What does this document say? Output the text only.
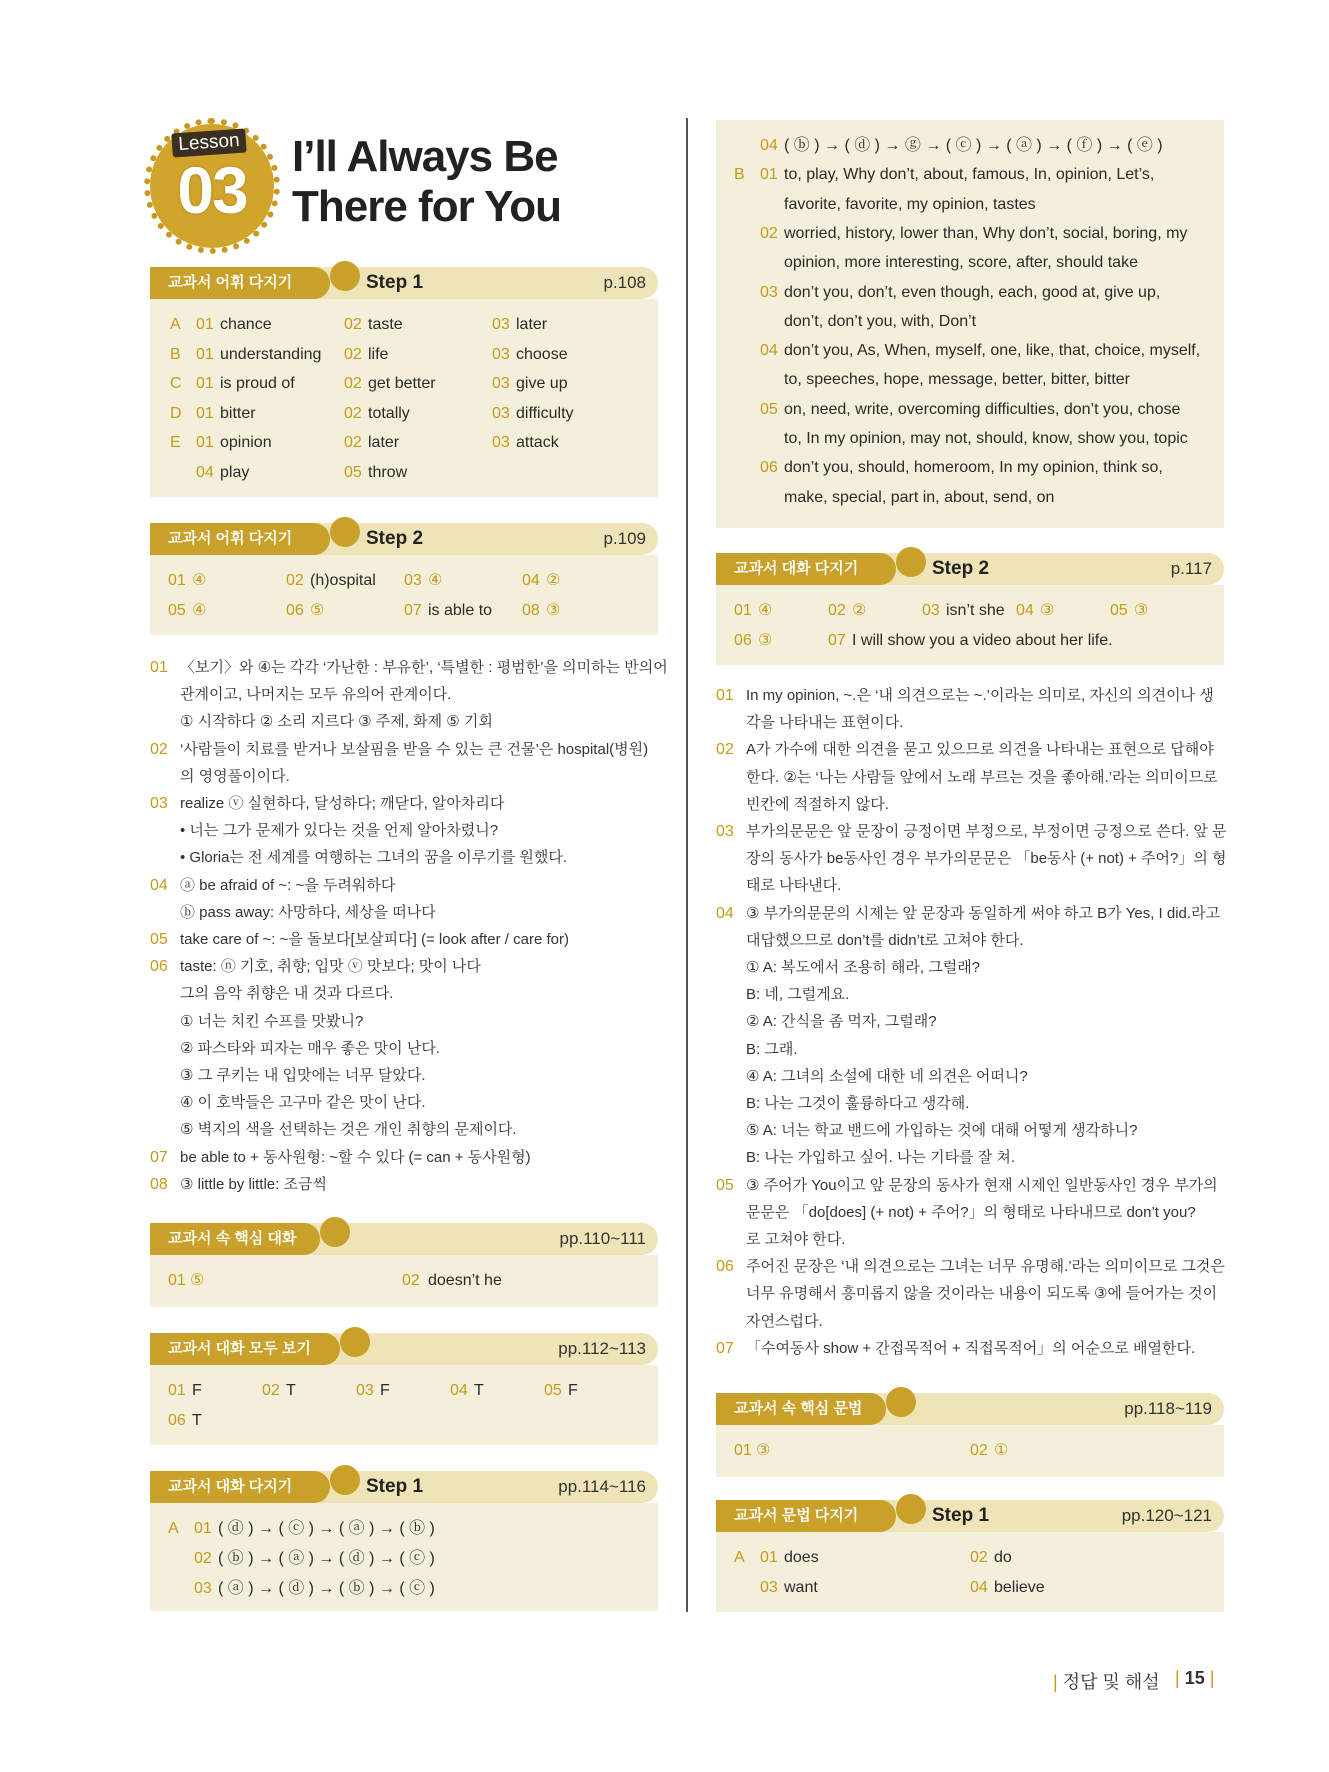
Lesson
03	I’ll Always Be
There for You
교과서 어휘 다지기	Step 1	p.108
A 01 chance	02 taste	03 later
B 01 understanding 02 life	03 choose
C 01 is proud of	02 get better	03 give up
D 01 bitter	02 totally	03 difficulty
E 01 opinion	02 later	03 attack
04 play	05 throw
교과서 어휘 다지기	Step 2	p.109
01 ④	02 (h)ospital 03 ④	04 ②
05 ④	06 ⑤	07 is able to 08 ③
01 〈보기〉와 ④는 각각 ‘가난한 : 부유한’, ‘특별한 : 평범한’을 의미하는 반의어
관계이고, 나머지는 모두 유의어 관계이다.
① 시작하다 ② 소리 지르다 ③ 주제, 화제 ⑤ 기회
02 ‘사람들이 치료를 받거나 보살핌을 받을 수 있는 큰 건물’은 hospital(병원)
의 영영풀이이다.
03 realize ⓥ 실현하다, 달성하다; 깨닫다, 알아차리다
• 너는 그가 문제가 있다는 것을 언제 알아차렸니?
• Gloria는 전 세계를 여행하는 그녀의 꿈을 이루기를 원했다.
04 ⓐ be afraid of ~: ~을 두려워하다
ⓑ pass away: 사망하다, 세상을 떠나다
05 take care of ~: ~을 돌보다[보살피다] (= look after / care for)
06 taste: ⓝ 기호, 취향; 입맛 ⓥ 맛보다; 맛이 나다
그의 음악 취향은 내 것과 다르다.
① 너는 치킨 수프를 맛봤니?
② 파스타와 피자는 매우 좋은 맛이 난다.
③ 그 쿠키는 내 입맛에는 너무 달았다.
④ 이 호박들은 고구마 같은 맛이 난다.
⑤ 벽지의 색을 선택하는 것은 개인 취향의 문제이다.
07 be able to + 동사원형: ~할 수 있다 (= can + 동사원형)
08 ③ little by little: 조금씩
교과서 속 핵심 대화	pp.110~111
01 ⑤	02 doesn’t he
교과서 대화 모두 보기	pp.112~113
01 F	02 T	03 F	04 T	05 F
06 T
교과서 대화 다지기	Step 1	pp.114~116
A 01 ( ⓓ ) → ( ⓒ ) → ( ⓐ ) → ( ⓑ )
02 ( ⓑ ) → ( ⓐ ) → ( ⓓ ) → ( ⓒ )
03 ( ⓐ ) → ( ⓓ ) → ( ⓑ ) → ( ⓒ )
04 ( ⓑ ) → ( ⓓ ) → ⓖ → ( ⓒ ) → ( ⓐ ) → ( ⓕ ) → ( ⓔ )
B 01 to, play, Why don’t, about, famous, In, opinion, Let’s,
favorite, favorite, my opinion, tastes
02 worried, history, lower than, Why don’t, social, boring, my
opinion, more interesting, score, after, should take
03 don’t you, don’t, even though, each, good at, give up,
don’t, don’t you, with, Don’t
04 don’t you, As, When, myself, one, like, that, choice, myself,
to, speeches, hope, message, better, bitter, bitter
05 on, need, write, overcoming difficulties, don’t you, chose
to, In my opinion, may not, should, know, show you, topic
06 don’t you, should, homeroom, In my opinion, think so,
make, special, part in, about, send, on
교과서 대화 다지기	Step 2	p.117
01 ④	02 ②	03 isn’t she 04 ③	05 ③
06 ③	07 I will show you a video about her life.
01 In my opinion, ~.은 ‘내 의견으로는 ~.’이라는 의미로, 자신의 의견이나 생
각을 나타내는 표현이다.
02 A가 가수에 대한 의견을 묻고 있으므로 의견을 나타내는 표현으로 답해야
한다. ②는 ‘나는 사람들 앞에서 노래 부르는 것을 좋아해.’라는 의미이므로
빈칸에 적절하지 않다.
03 부가의문문은 앞 문장이 긍정이면 부정으로, 부정이면 긍정으로 쓴다. 앞 문
장의 동사가 be동사인 경우 부가의문문은 「be동사 (+ not) + 주어?」의 형
태로 나타낸다.
04 ③ 부가의문문의 시제는 앞 문장과 동일하게 써야 하고 B가 Yes, I did.라고
대답했으므로 don’t를 didn’t로 고쳐야 한다.
① A: 복도에서 조용히 해라, 그럴래?
B: 네, 그럴게요.
② A: 간식을 좀 먹자, 그럴래?
B: 그래.
④ A: 그녀의 소설에 대한 네 의견은 어떠니?
B: 나는 그것이 훌륭하다고 생각해.
⑤ A: 너는 학교 밴드에 가입하는 것에 대해 어떻게 생각하니?
B: 나는 가입하고 싶어. 나는 기타를 잘 쳐.
05 ③ 주어가 You이고 앞 문장의 동사가 현재 시제인 일반동사인 경우 부가의
문문은 「do[does] (+ not) + 주어?」의 형태로 나타내므로 don’t you?
로 고쳐야 한다.
06 주어진 문장은 ‘내 의견으로는 그녀는 너무 유명해.’라는 의미이므로 그것은
너무 유명해서 흥미롭지 않을 것이라는 내용이 되도록 ③에 들어가는 것이
자연스럽다.
07 「수여동사 show + 간접목적어 + 직접목적어」의 어순으로 배열한다.
교과서 속 핵심 문법	pp.118~119
01 ③	02 ①
교과서 문법 다지기	Step 1	pp.120~121
A 01 does	02 do
03 want	04 believe
| 정답 및 해설 | 15 |
